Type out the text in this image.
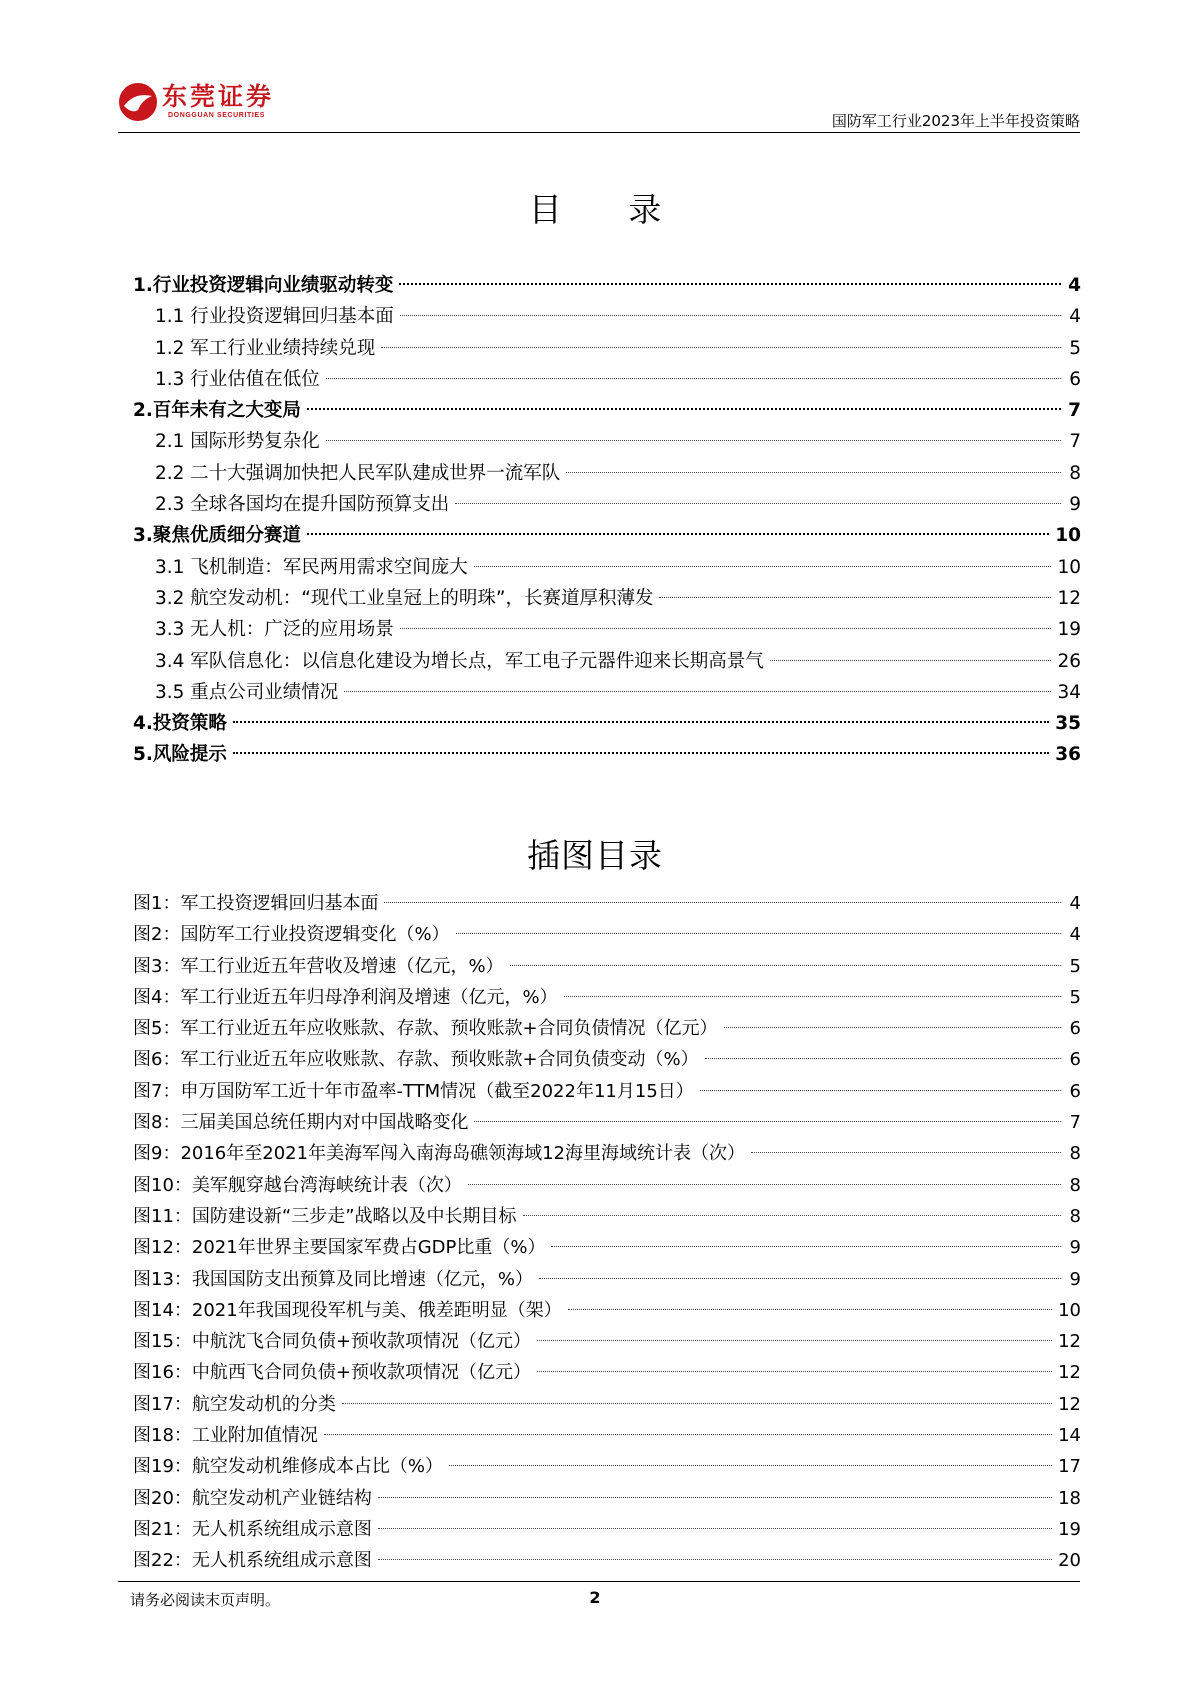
东莞证券
DONGGUAN SECURITIES	国防军工行业2023年上半年投资策略
目 录
1.行业投资逻辑向业绩驱动转变	4
1.1 行业投资逻辑回归基本面	4
1.2 军工行业业绩持续兑现	5
1.3 行业估值在低位	6
2.百年未有之大变局	7
2.1 国际形势复杂化	7
2.2 二十大强调加快把人民军队建成世界一流军队	8
2.3 全球各国均在提升国防预算支出	9
3.聚焦优质细分赛道	10
3.1 飞机制造：军民两用需求空间庞大	10
3.2 航空发动机：“现代工业皇冠上的明珠”，长赛道厚积薄发	12
3.3 无人机：广泛的应用场景	19
3.4 军队信息化：以信息化建设为增长点，军工电子元器件迎来长期高景气	26
3.5 重点公司业绩情况	34
4.投资策略	35
5.风险提示	36
插图目录
图1：军工投资逻辑回归基本面	4
图2：国防军工行业投资逻辑变化（%）	4
图3：军工行业近五年营收及增速（亿元，%）	5
图4：军工行业近五年归母净利润及增速（亿元，%）	5
图5：军工行业近五年应收账款、存款、预收账款+合同负债情况（亿元）	6
图6：军工行业近五年应收账款、存款、预收账款+合同负债变动（%）	6
图7：申万国防军工近十年市盈率-TTM情况（截至2022年11月15日）	6
图8：三届美国总统任期内对中国战略变化	7
图9：2016年至2021年美海军闯入南海岛礁领海域12海里海域统计表（次）	8
图10：美军舰穿越台湾海峡统计表（次）	8
图11：国防建设新“三步走”战略以及中长期目标	8
图12：2021年世界主要国家军费占GDP比重（%）	9
图13：我国国防支出预算及同比增速（亿元，%）	9
图14：2021年我国现役军机与美、俄差距明显（架）	10
图15：中航沈飞合同负债+预收款项情况（亿元）	12
图16：中航西飞合同负债+预收款项情况（亿元）	12
图17：航空发动机的分类	12
图18：工业附加值情况	14
图19：航空发动机维修成本占比（%）	17
图20：航空发动机产业链结构	18
图21：无人机系统组成示意图	19
图22：无人机系统组成示意图	20
请务必阅读末页声明。	2
